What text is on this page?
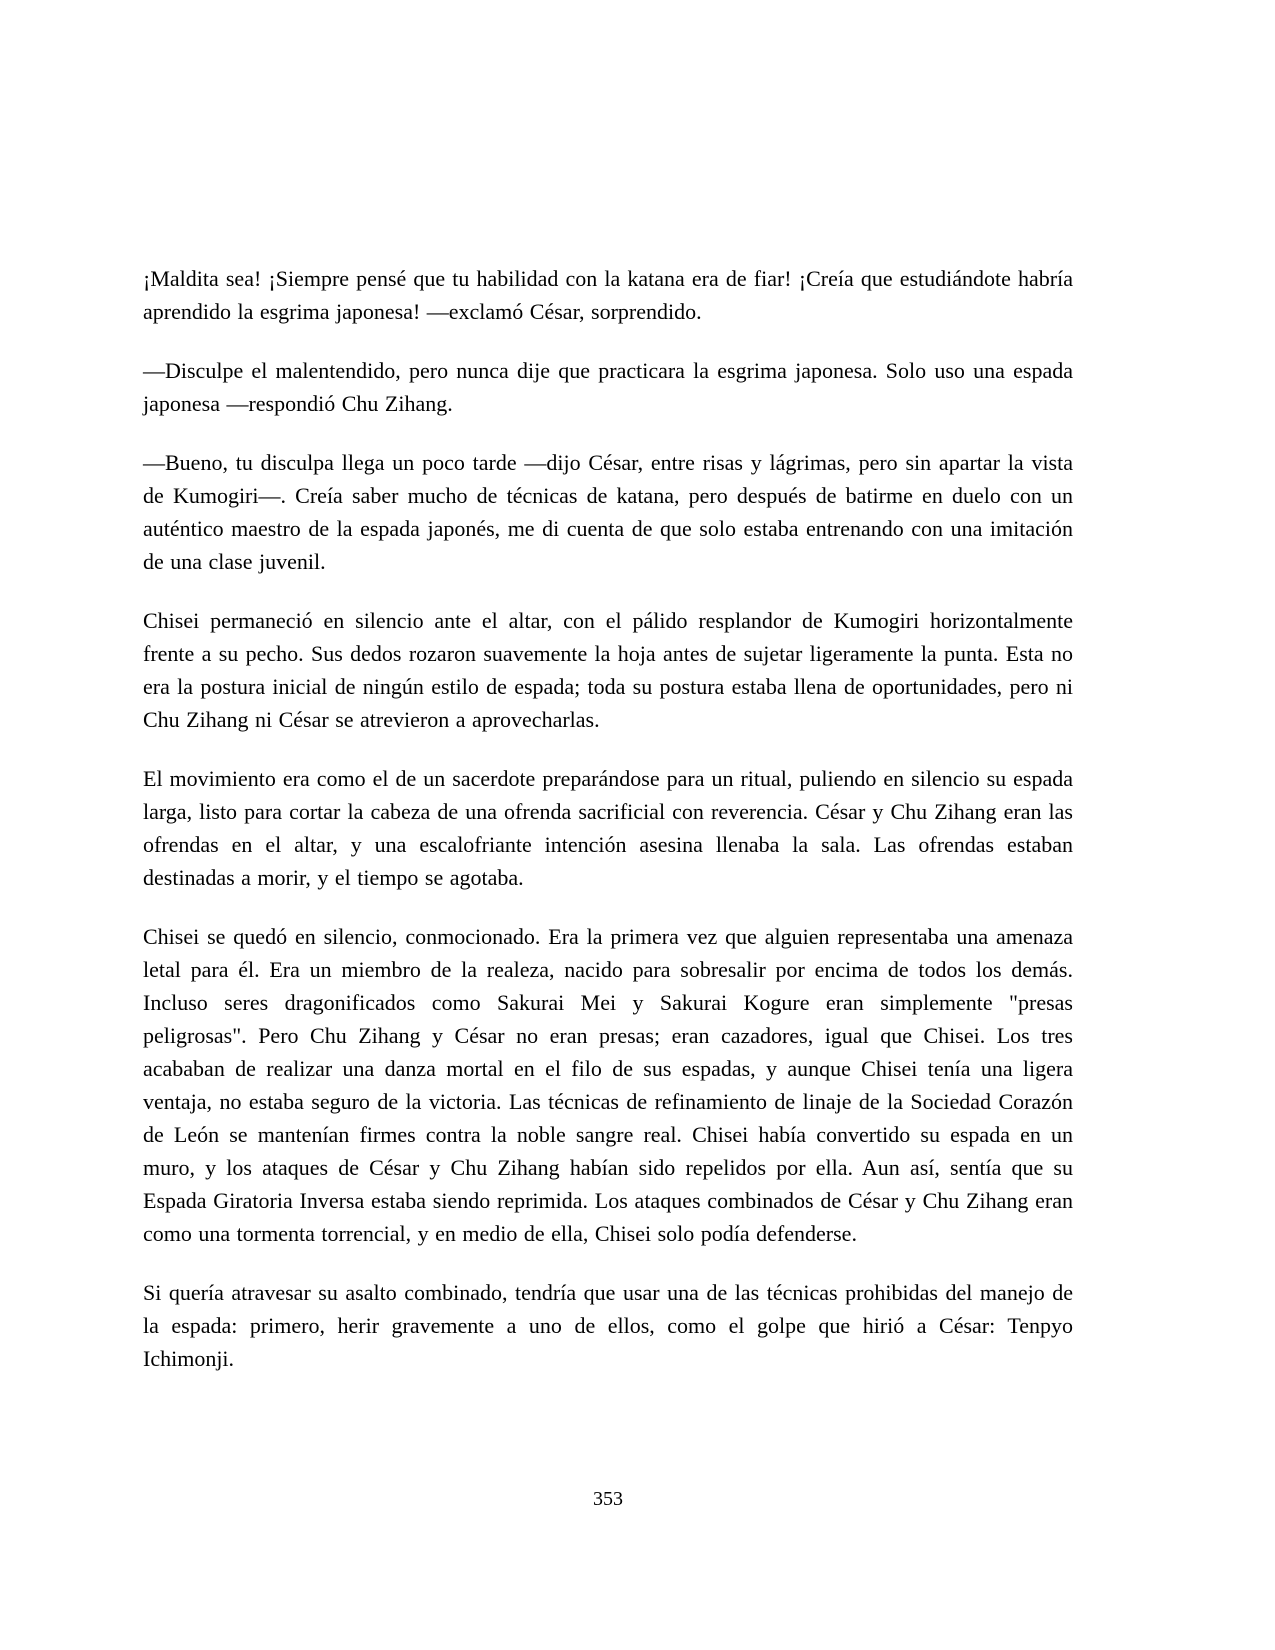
¡Maldita sea! ¡Siempre pensé que tu habilidad con la katana era de fiar! ¡Creía que estudiándote habría aprendido la esgrima japonesa! —exclamó César, sorprendido.

—Disculpe el malentendido, pero nunca dije que practicara la esgrima japonesa. Solo uso una espada japonesa —respondió Chu Zihang.

—Bueno, tu disculpa llega un poco tarde —dijo César, entre risas y lágrimas, pero sin apartar la vista de Kumogiri—. Creía saber mucho de técnicas de katana, pero después de batirme en duelo con un auténtico maestro de la espada japonés, me di cuenta de que solo estaba entrenando con una imitación de una clase juvenil.

Chisei permaneció en silencio ante el altar, con el pálido resplandor de Kumogiri horizontalmente frente a su pecho. Sus dedos rozaron suavemente la hoja antes de sujetar ligeramente la punta. Esta no era la postura inicial de ningún estilo de espada; toda su postura estaba llena de oportunidades, pero ni Chu Zihang ni César se atrevieron a aprovecharlas.

El movimiento era como el de un sacerdote preparándose para un ritual, puliendo en silencio su espada larga, listo para cortar la cabeza de una ofrenda sacrificial con reverencia. César y Chu Zihang eran las ofrendas en el altar, y una escalofriante intención asesina llenaba la sala. Las ofrendas estaban destinadas a morir, y el tiempo se agotaba.

Chisei se quedó en silencio, conmocionado. Era la primera vez que alguien representaba una amenaza letal para él. Era un miembro de la realeza, nacido para sobresalir por encima de todos los demás. Incluso seres dragonificados como Sakurai Mei y Sakurai Kogure eran simplemente "presas peligrosas". Pero Chu Zihang y César no eran presas; eran cazadores, igual que Chisei. Los tres acababan de realizar una danza mortal en el filo de sus espadas, y aunque Chisei tenía una ligera ventaja, no estaba seguro de la victoria. Las técnicas de refinamiento de linaje de la Sociedad Corazón de León se mantenían firmes contra la noble sangre real. Chisei había convertido su espada en un muro, y los ataques de César y Chu Zihang habían sido repelidos por ella. Aun así, sentía que su Espada Giratoria Inversa estaba siendo reprimida. Los ataques combinados de César y Chu Zihang eran como una tormenta torrencial, y en medio de ella, Chisei solo podía defenderse.

Si quería atravesar su asalto combinado, tendría que usar una de las técnicas prohibidas del manejo de la espada: primero, herir gravemente a uno de ellos, como el golpe que hirió a César: Tenpyo Ichimonji.

353
